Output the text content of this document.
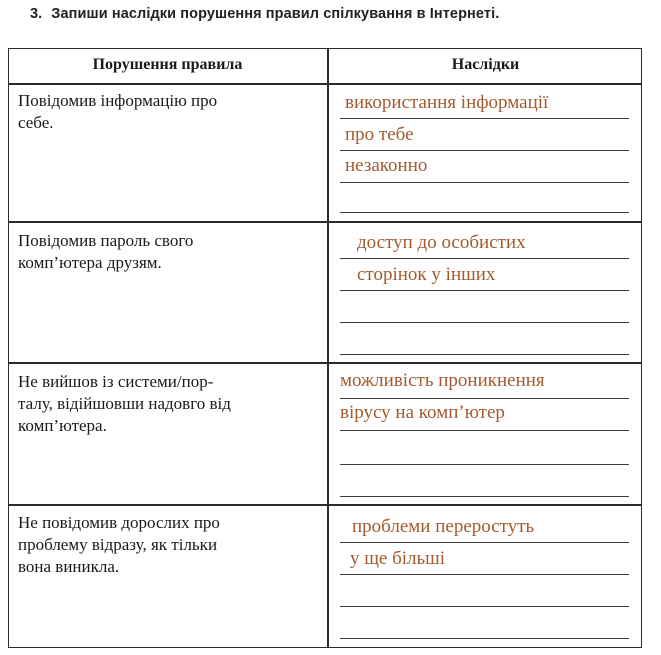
3. Запиши наслідки порушення правил спілкування в Інтернеті.
Порушення правила	Наслідки
Повідомив інформацію про
себе.
використання інформації
про тебе
незаконно
Повідомив пароль свого
комп’ютера друзям.
доступ до особистих
сторінок у інших
Не вийшов із системи/пор-
талу, відійшовши надовго від
комп’ютера.
можливість проникнення
вірусу на комп’ютер
Не повідомив дорослих про
проблему відразу, як тільки
вона виникла.
проблеми переростуть
у ще більші
